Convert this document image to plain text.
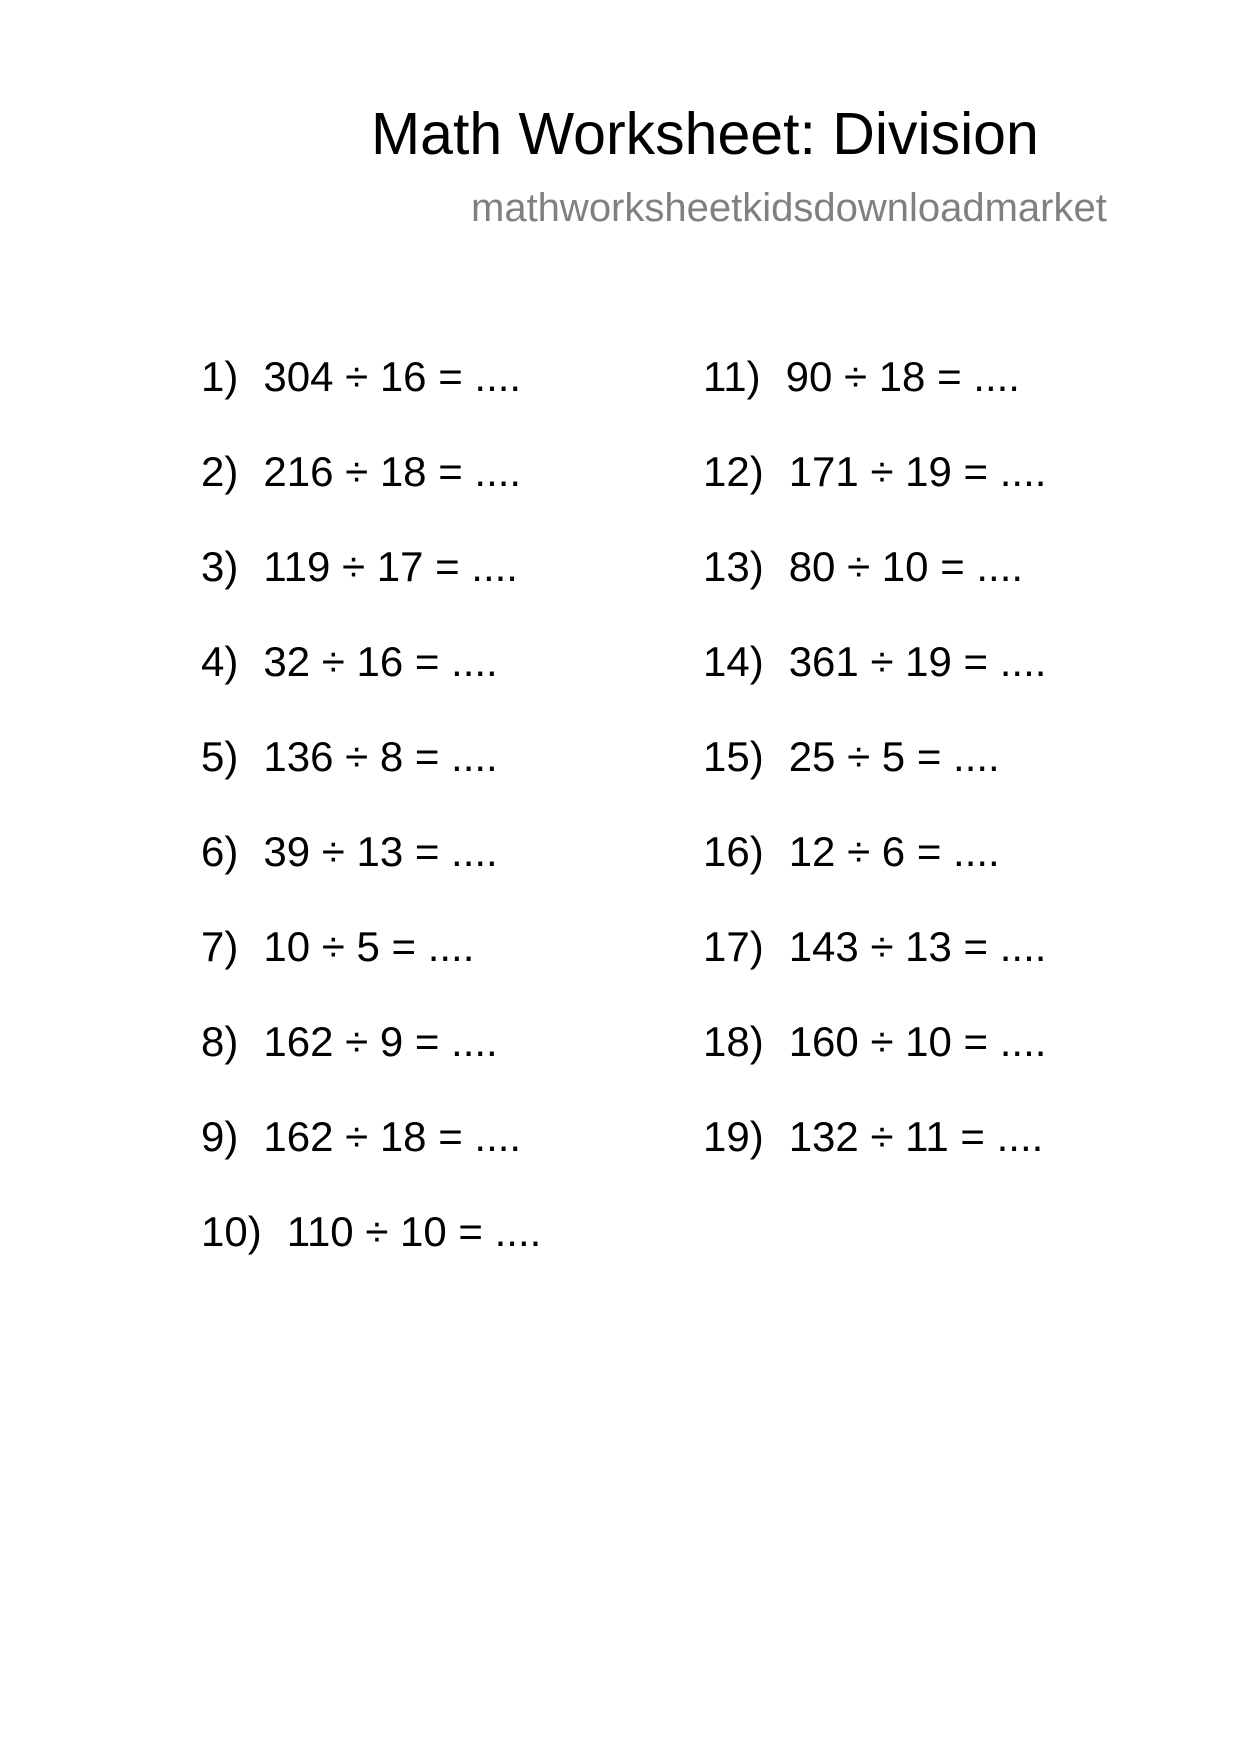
Math Worksheet: Division
mathworksheetkidsdownloadmarket
1) 304 ÷ 16 = ....
2) 216 ÷ 18 = ....
3) 119 ÷ 17 = ....
4) 32 ÷ 16 = ....
5) 136 ÷ 8 = ....
6) 39 ÷ 13 = ....
7) 10 ÷ 5 = ....
8) 162 ÷ 9 = ....
9) 162 ÷ 18 = ....
10) 110 ÷ 10 = ....
11) 90 ÷ 18 = ....
12) 171 ÷ 19 = ....
13) 80 ÷ 10 = ....
14) 361 ÷ 19 = ....
15) 25 ÷ 5 = ....
16) 12 ÷ 6 = ....
17) 143 ÷ 13 = ....
18) 160 ÷ 10 = ....
19) 132 ÷ 11 = ....
